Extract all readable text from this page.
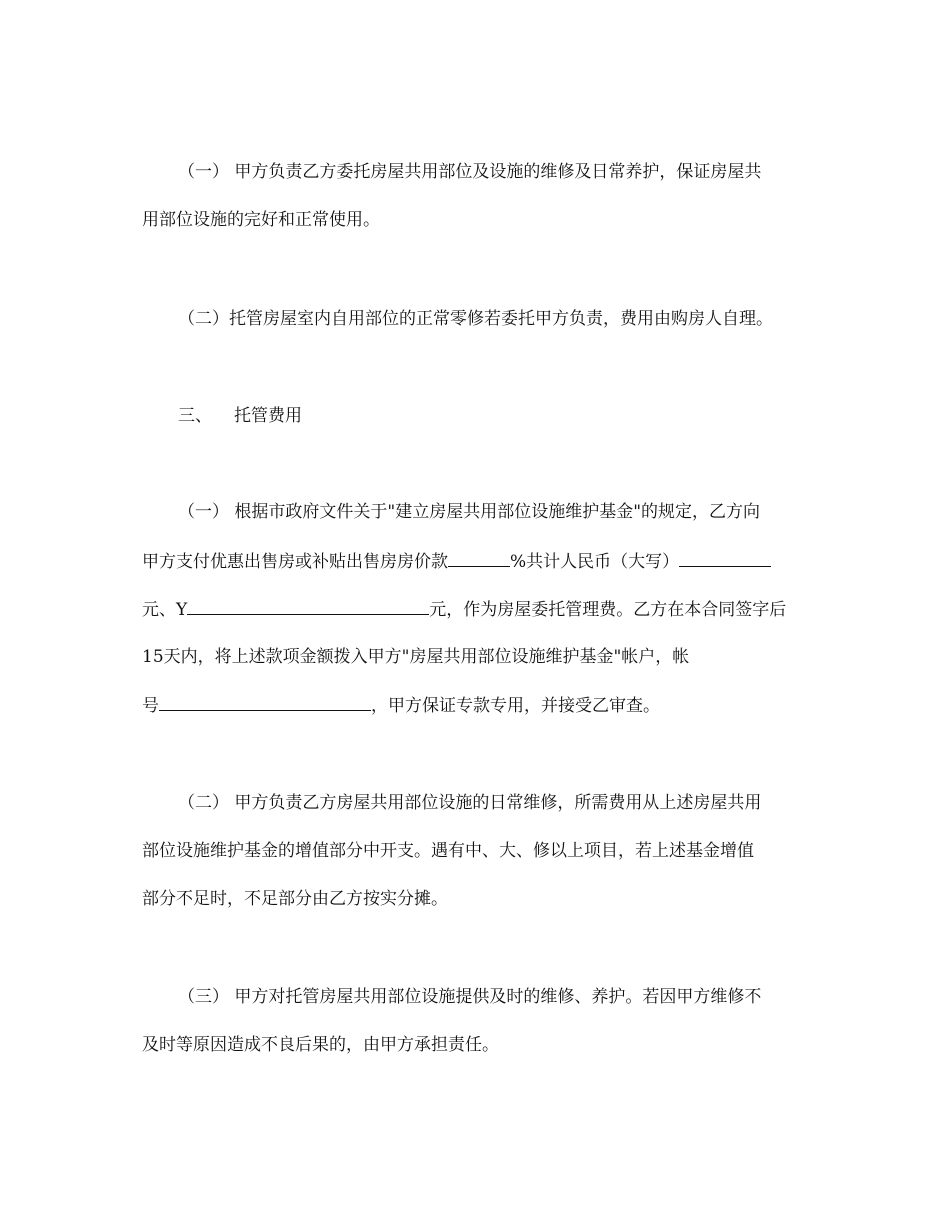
（一） 甲方负责乙方委托房屋共用部位及设施的维修及日常养护，保证房屋共
用部位设施的完好和正常使用。
（二）托管房屋室内自用部位的正常零修若委托甲方负责，费用由购房人自理。
三、 托管费用
（一） 根据市政府文件关于"建立房屋共用部位设施维护基金"的规定，乙方向
甲方支付优惠出售房或补贴出售房房价款	%共计人民币（大写）
元、Y	元，作为房屋委托管理费。乙方在本合同签字后
15天内，将上述款项金额拨入甲方"房屋共用部位设施维护基金"帐户，帐
号	，甲方保证专款专用，并接受乙审查。
（二） 甲方负责乙方房屋共用部位设施的日常维修，所需费用从上述房屋共用
部位设施维护基金的增值部分中开支。遇有中、大、修以上项目，若上述基金增值
部分不足时，不足部分由乙方按实分摊。
（三） 甲方对托管房屋共用部位设施提供及时的维修、养护。若因甲方维修不
及时等原因造成不良后果的，由甲方承担责任。
